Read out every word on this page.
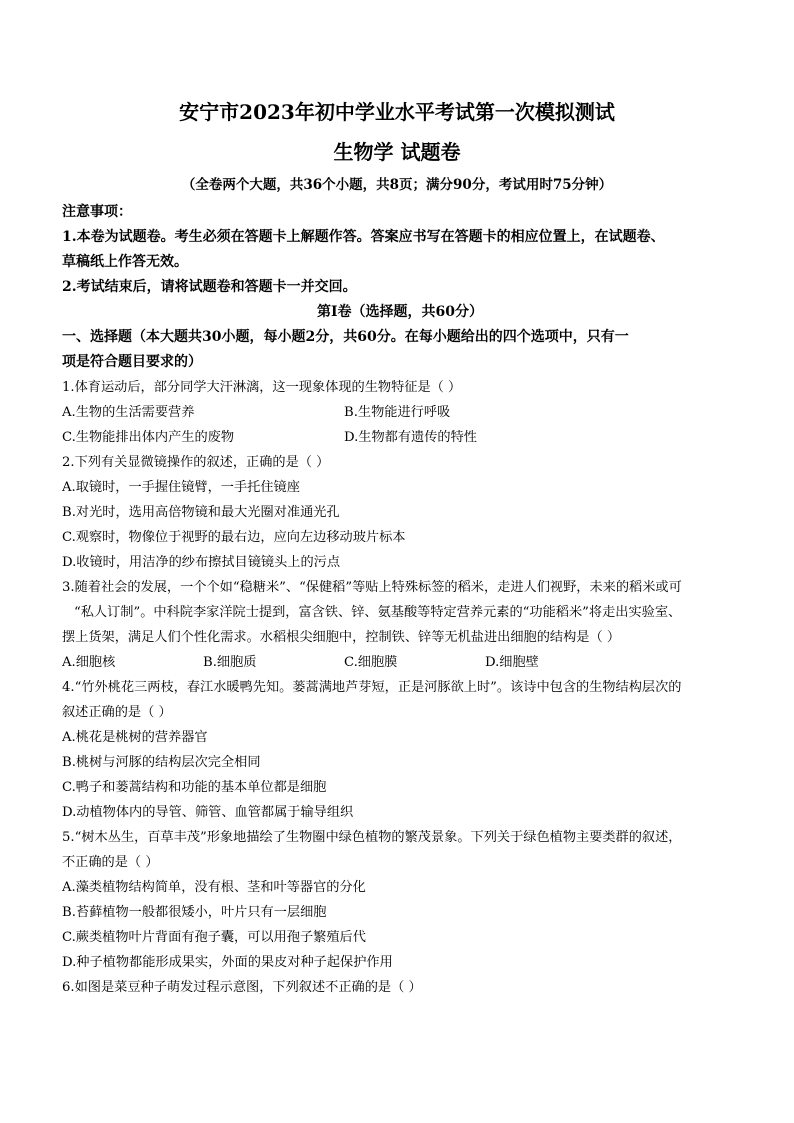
安宁市2023年初中学业水平考试第一次模拟测试
生物学 试题卷

（全卷两个大题，共36个小题，共8页；满分90分，考试用时75分钟）

注意事项：

1.本卷为试题卷。考生必须在答题卡上解题作答。答案应书写在答题卡的相应位置上，在试题卷、

草稿纸上作答无效。

2.考试结束后，请将试题卷和答题卡一并交回。

第Ⅰ卷（选择题，共60分）

一、选择题（本大题共30小题，每小题2分，共60分。在每小题给出的四个选项中，只有一

项是符合题目要求的）

1.体育运动后，部分同学大汗淋漓，这一现象体现的生物特征是（ ）

A.生物的生活需要营养	B.生物能进行呼吸
C.生物能排出体内产生的废物	D.生物都有遗传的特性

2.下列有关显微镜操作的叙述，正确的是（ ）

A.取镜时，一手握住镜臂，一手托住镜座

B.对光时，选用高倍物镜和最大光圈对准通光孔

C.观察时，物像位于视野的最右边，应向左边移动玻片标本

D.收镜时，用洁净的纱布擦拭目镜镜头上的污点

3.随着社会的发展，一个个如“稳糖米”、“保健稻”等贴上特殊标签的稻米，走进人们视野，未来的稻米或可

“私人订制”。中科院李家洋院士提到，富含铁、锌、氨基酸等特定营养元素的“功能稻米”将走出实验室、

摆上货架，满足人们个性化需求。水稻根尖细胞中，控制铁、锌等无机盐进出细胞的结构是（ ）

A.细胞核	B.细胞质	C.细胞膜	D.细胞壁

4.“竹外桃花三两枝，春江水暖鸭先知。蒌蒿满地芦芽短，正是河豚欲上时”。该诗中包含的生物结构层次的

叙述正确的是（ ）

A.桃花是桃树的营养器官

B.桃树与河豚的结构层次完全相同

C.鸭子和蒌蒿结构和功能的基本单位都是细胞

D.动植物体内的导管、筛管、血管都属于输导组织

5.“树木丛生，百草丰茂”形象地描绘了生物圈中绿色植物的繁茂景象。下列关于绿色植物主要类群的叙述，

不正确的是（ ）

A.藻类植物结构简单，没有根、茎和叶等器官的分化

B.苔藓植物一般都很矮小，叶片只有一层细胞

C.蕨类植物叶片背面有孢子囊，可以用孢子繁殖后代

D.种子植物都能形成果实，外面的果皮对种子起保护作用

6.如图是菜豆种子萌发过程示意图，下列叙述不正确的是（ ）
